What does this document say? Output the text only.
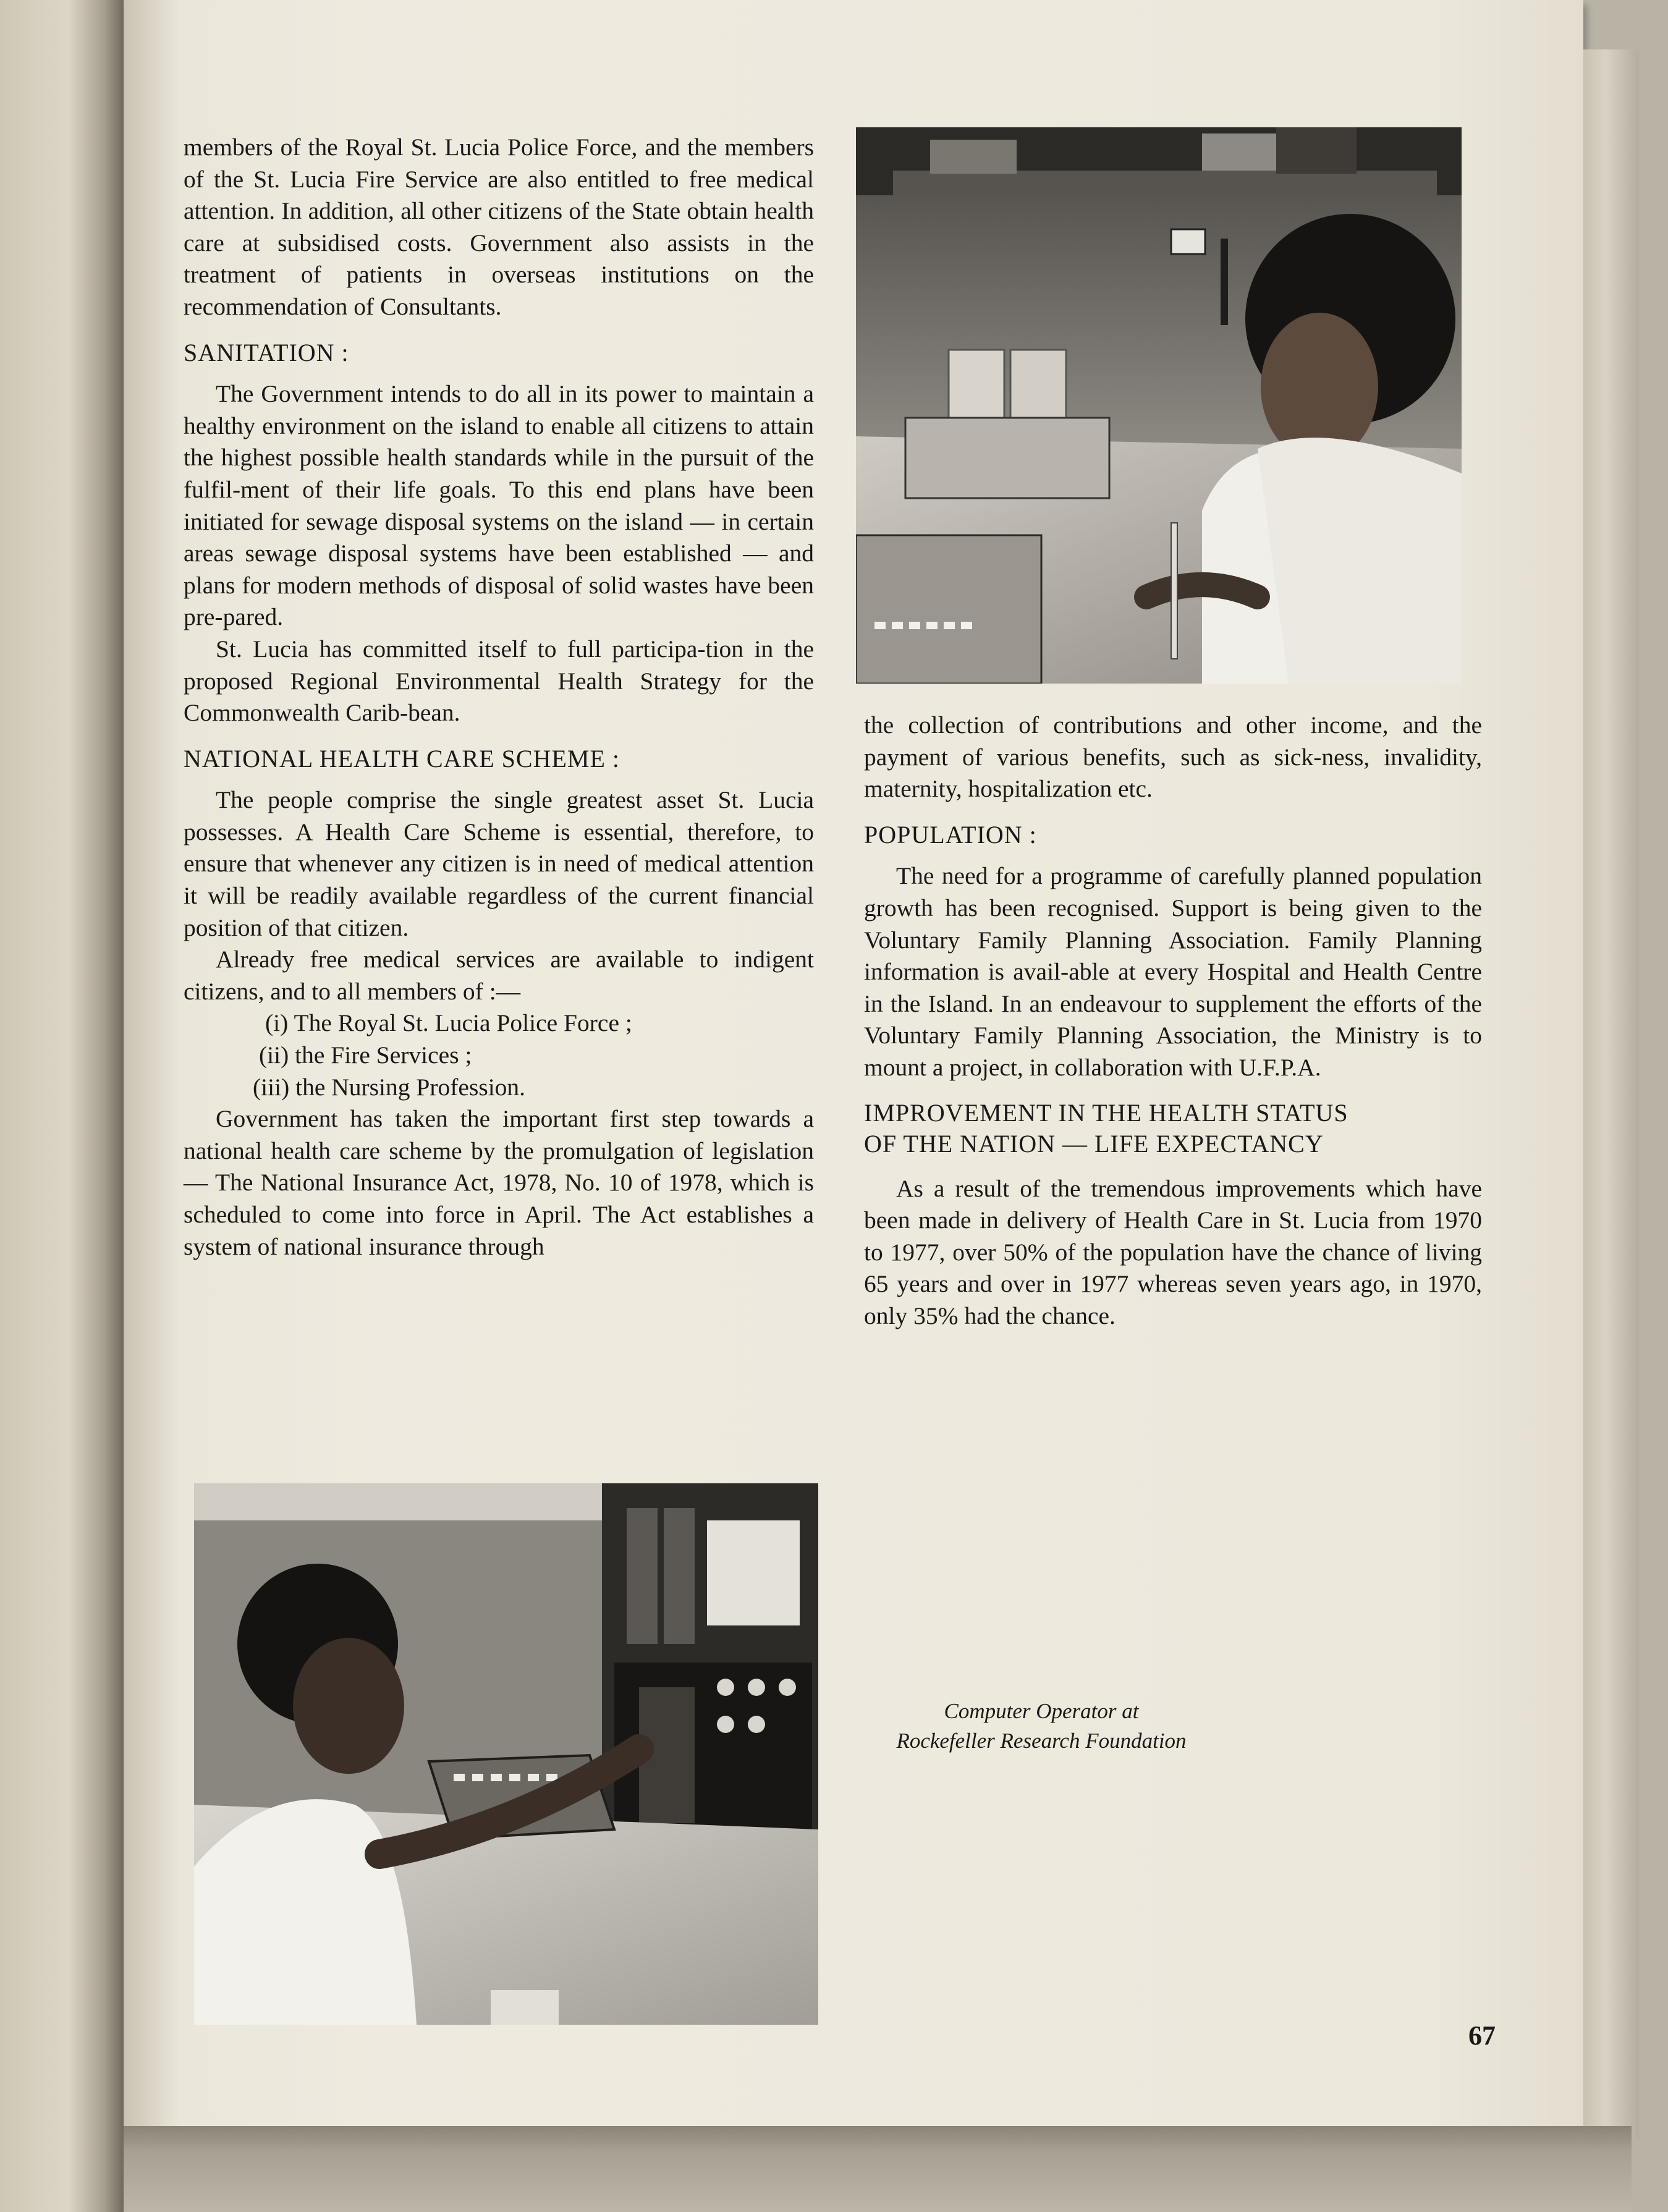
members of the Royal St. Lucia Police Force, and the members of the St. Lucia Fire Service are also entitled to free medical attention. In addition, all other citizens of the State obtain health care at subsidised costs. Government also assists in the treatment of patients in overseas institutions on the recommendation of Consultants.

SANITATION :

The Government intends to do all in its power to maintain a healthy environment on the island to enable all citizens to attain the highest possible health standards while in the pursuit of the fulfil-ment of their life goals. To this end plans have been initiated for sewage disposal systems on the island — in certain areas sewage disposal systems have been established — and plans for modern methods of disposal of solid wastes have been pre-pared.

St. Lucia has committed itself to full participa-tion in the proposed Regional Environmental Health Strategy for the Commonwealth Carib-bean.

NATIONAL HEALTH CARE SCHEME :

The people comprise the single greatest asset St. Lucia possesses. A Health Care Scheme is essential, therefore, to ensure that whenever any citizen is in need of medical attention it will be readily available regardless of the current financial position of that citizen.

Already free medical services are available to indigent citizens, and to all members of :—

(i) The Royal St. Lucia Police Force ;

(ii) the Fire Services ;

(iii) the Nursing Profession.

Government has taken the important first step towards a national health care scheme by the promulgation of legislation — The National Insurance Act, 1978, No. 10 of 1978, which is scheduled to come into force in April. The Act establishes a system of national insurance through

the collection of contributions and other income, and the payment of various benefits, such as sick-ness, invalidity, maternity, hospitalization etc.

POPULATION :

The need for a programme of carefully planned population growth has been recognised. Support is being given to the Voluntary Family Planning Association. Family Planning information is avail-able at every Hospital and Health Centre in the Island. In an endeavour to supplement the efforts of the Voluntary Family Planning Association, the Ministry is to mount a project, in collaboration with U.F.P.A.

IMPROVEMENT IN THE HEALTH STATUS
OF THE NATION — LIFE EXPECTANCY

As a result of the tremendous improvements which have been made in delivery of Health Care in St. Lucia from 1970 to 1977, over 50% of the population have the chance of living 65 years and over in 1977 whereas seven years ago, in 1970, only 35% had the chance.

Computer Operator at
Rockefeller Research Foundation
67
